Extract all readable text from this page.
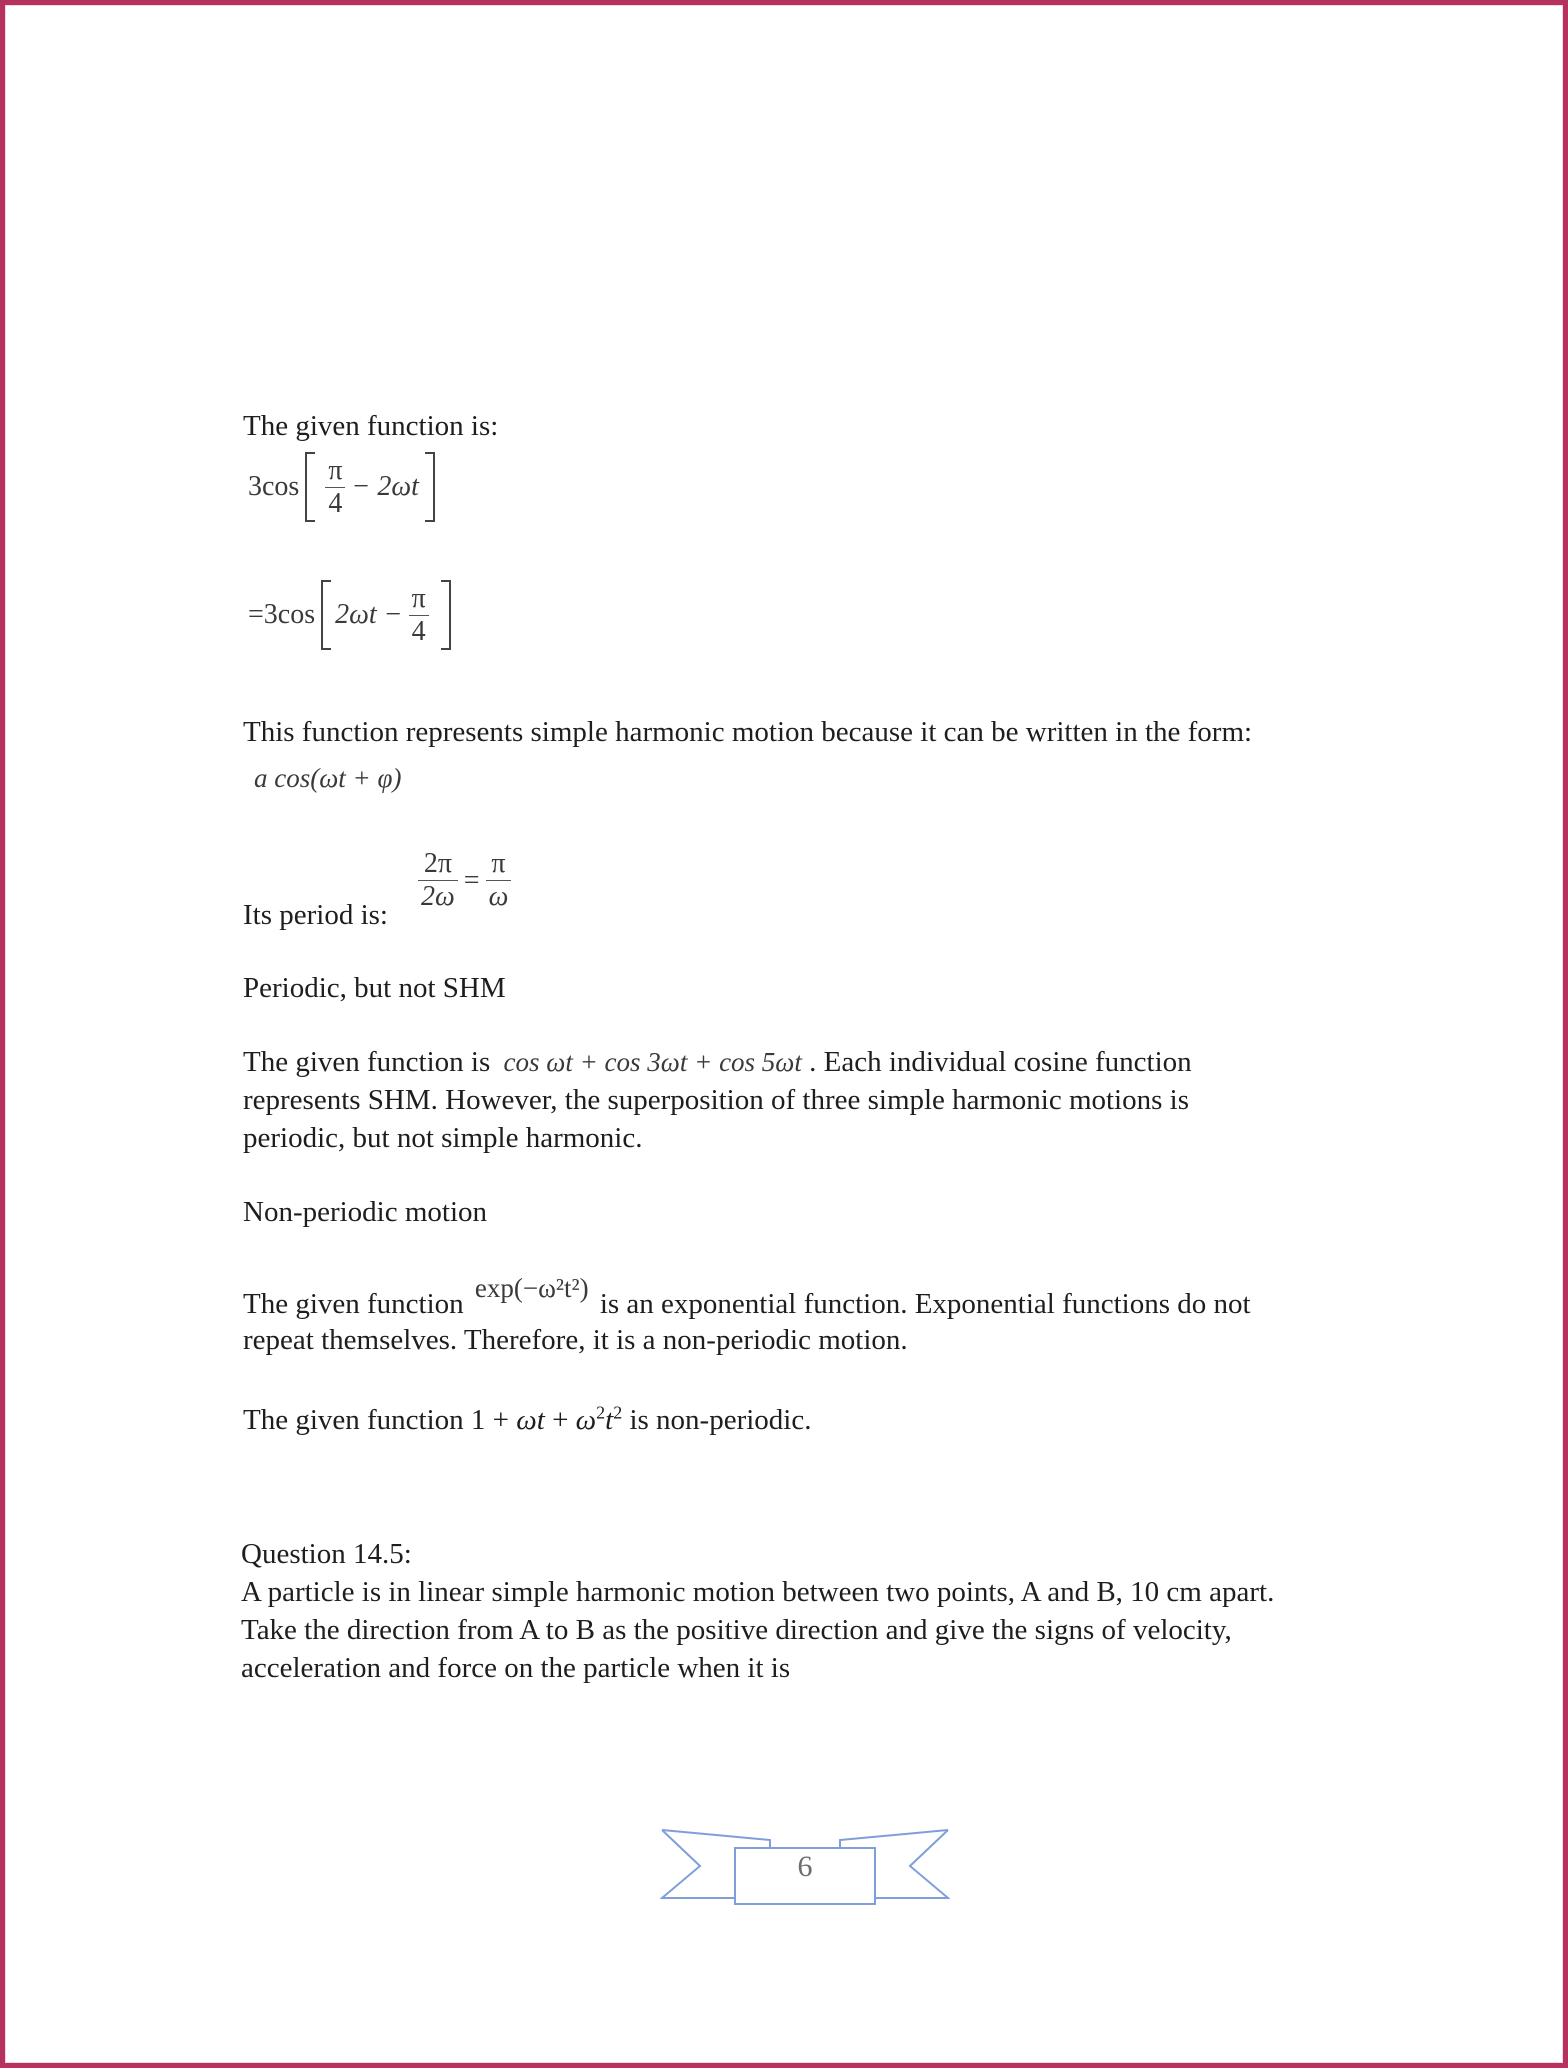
The given function is:
$3\cos \frac{\pi}{4} - 2\omega t$
=3cos $2\omega t - \frac{\pi}{4}$
This function represents simple harmonic motion because it can be written in the form:
a cos(ωt + φ)
Its period is:
$\frac{2\pi}{2\omega} = \frac{\pi}{\omega}$
Periodic, but not SHM
The given function is cos ωt + cos 3ωt + cos 5ωt . Each individual cosine function
represents SHM. However, the superposition of three simple harmonic motions is
periodic, but not simple harmonic.
Non-periodic motion
The given function exp(−ω²t²) is an exponential function. Exponential functions do not
repeat themselves. Therefore, it is a non-periodic motion.
The given function $1 + \omega t + \omega^2t^2$ is non-periodic.
Question 14.5:
A particle is in linear simple harmonic motion between two points, A and B, 10 cm apart.
Take the direction from A to B as the positive direction and give the signs of velocity,
acceleration and force on the particle when it is
6
